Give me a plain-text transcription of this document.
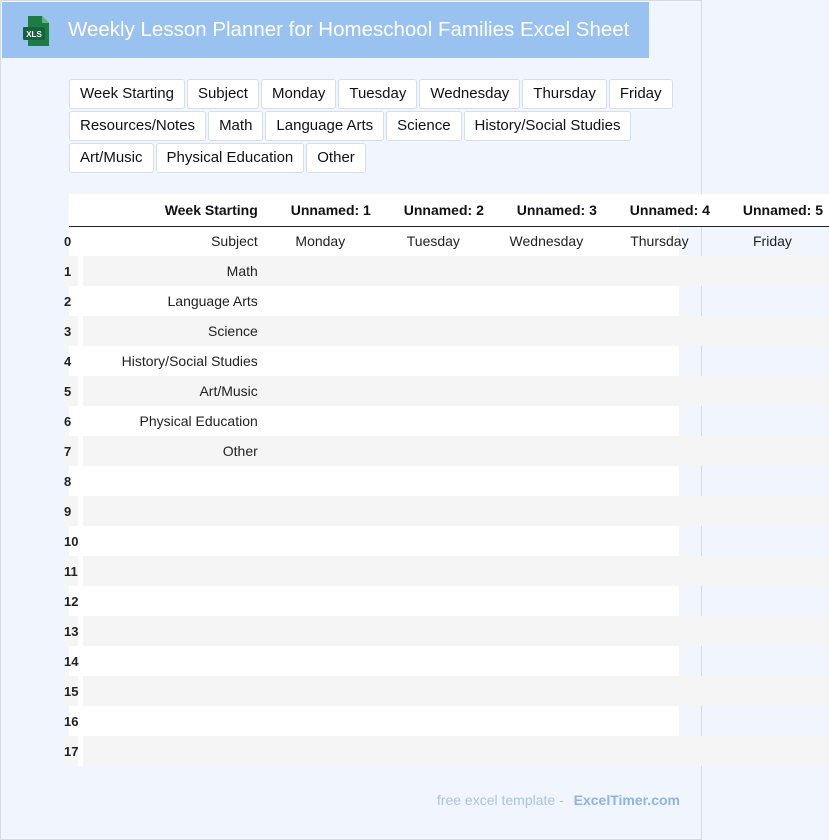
XLS Weekly Lesson Planner for Homeschool Families Excel Sheet
Week Starting	Subject	Monday	Tuesday	Wednesday	Thursday	Friday
Resources/Notes	Math	Language Arts	Science	History/Social Studies
Art/Music	Physical Education	Other
	Week Starting	Unnamed: 1	Unnamed: 2	Unnamed: 3	Unnamed: 4	Unnamed: 5
0	Subject	Monday	Tuesday	Wednesday	Thursday	Friday
1	Math					
2	Language Arts					
3	Science					
4	History/Social Studies					
5	Art/Music					
6	Physical Education					
7	Other					
8						
9						
10						
11						
12						
13						
14						
15						
16						
17						
free excel template - ExcelTimer.com
